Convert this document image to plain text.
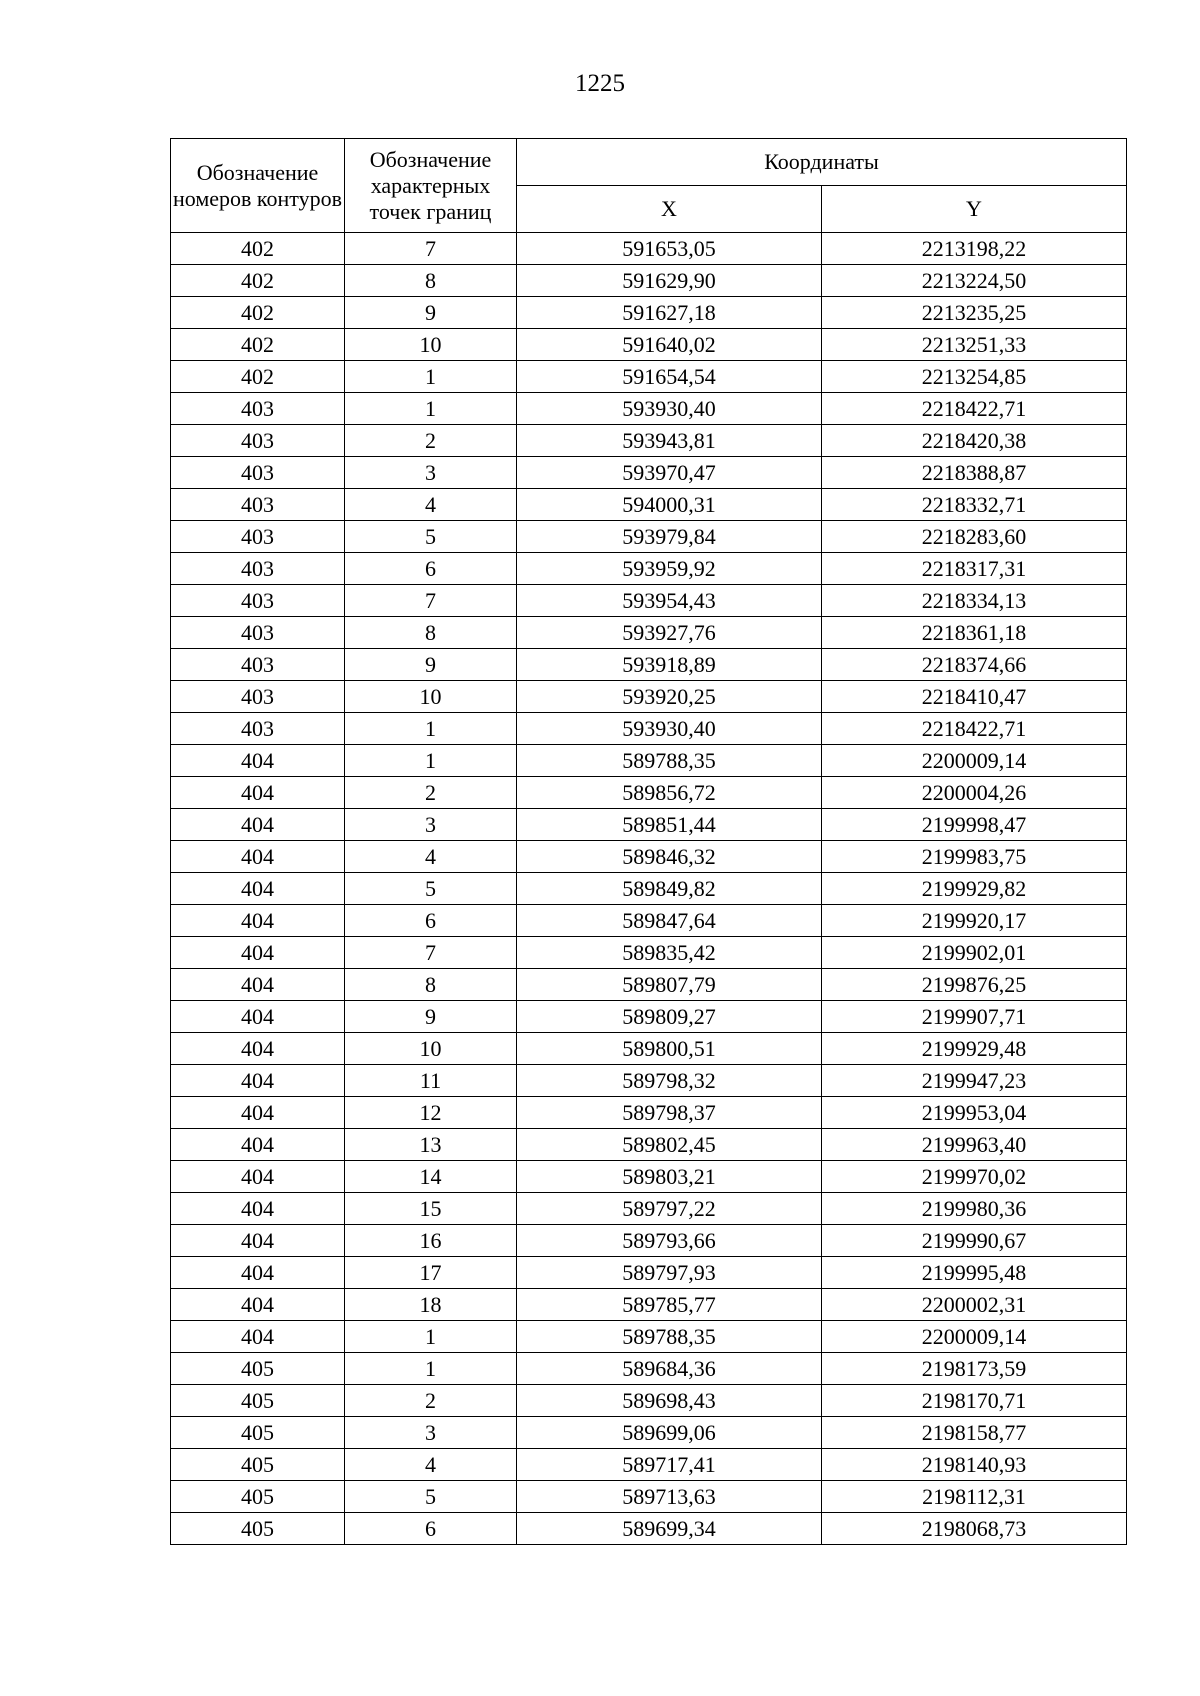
1225
Обозначение номеров контуров	Обозначение характерных точек границ	Координаты	
		X	Y
402	7	591653,05	2213198,22
402	8	591629,90	2213224,50
402	9	591627,18	2213235,25
402	10	591640,02	2213251,33
402	1	591654,54	2213254,85
403	1	593930,40	2218422,71
403	2	593943,81	2218420,38
403	3	593970,47	2218388,87
403	4	594000,31	2218332,71
403	5	593979,84	2218283,60
403	6	593959,92	2218317,31
403	7	593954,43	2218334,13
403	8	593927,76	2218361,18
403	9	593918,89	2218374,66
403	10	593920,25	2218410,47
403	1	593930,40	2218422,71
404	1	589788,35	2200009,14
404	2	589856,72	2200004,26
404	3	589851,44	2199998,47
404	4	589846,32	2199983,75
404	5	589849,82	2199929,82
404	6	589847,64	2199920,17
404	7	589835,42	2199902,01
404	8	589807,79	2199876,25
404	9	589809,27	2199907,71
404	10	589800,51	2199929,48
404	11	589798,32	2199947,23
404	12	589798,37	2199953,04
404	13	589802,45	2199963,40
404	14	589803,21	2199970,02
404	15	589797,22	2199980,36
404	16	589793,66	2199990,67
404	17	589797,93	2199995,48
404	18	589785,77	2200002,31
404	1	589788,35	2200009,14
405	1	589684,36	2198173,59
405	2	589698,43	2198170,71
405	3	589699,06	2198158,77
405	4	589717,41	2198140,93
405	5	589713,63	2198112,31
405	6	589699,34	2198068,73
